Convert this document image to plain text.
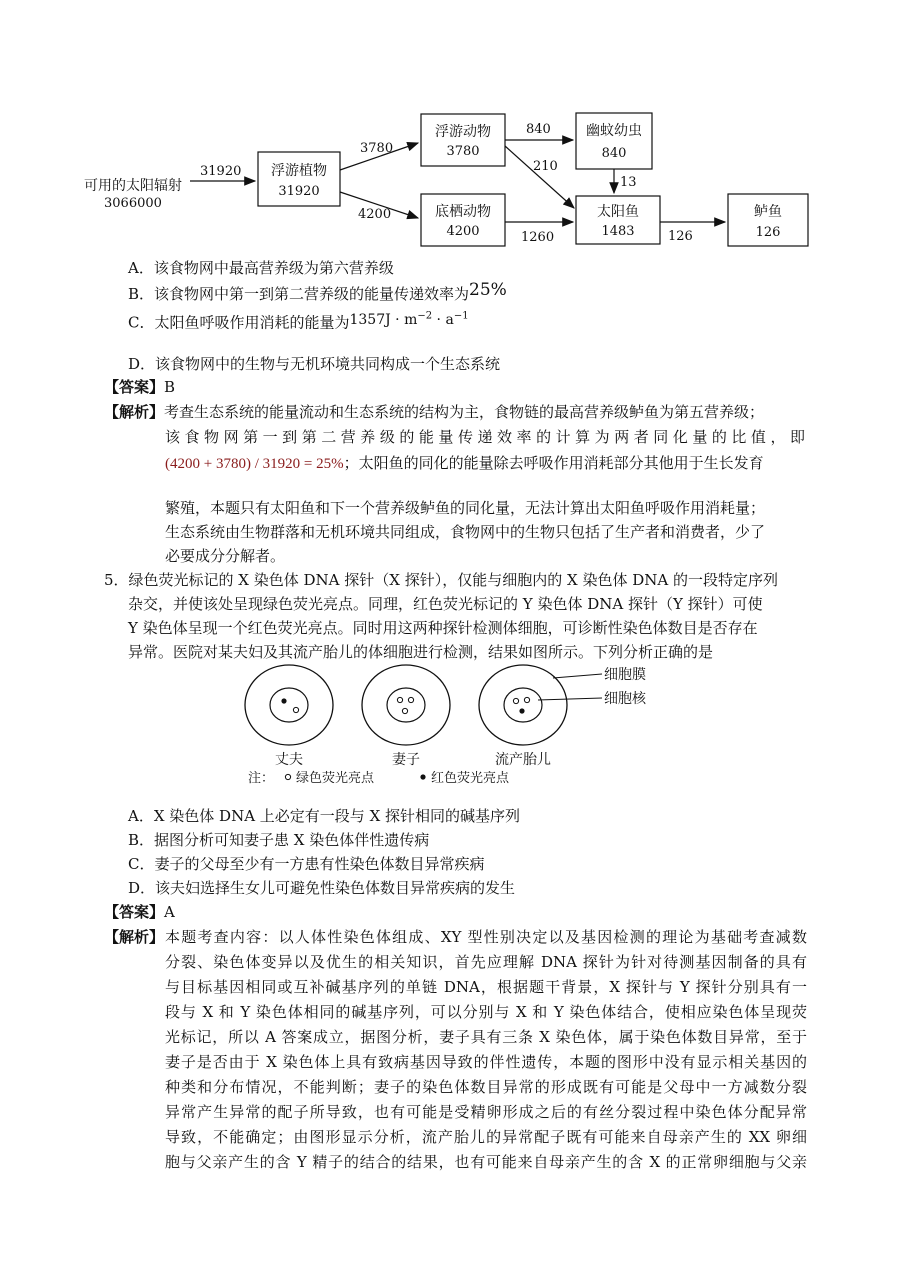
可用的太阳辐射
3066000
31920 浮游植物
31920
3780
4200
浮游动物
3780
底栖动物
4200
840
210
1260
幽蚊幼虫
840
13
太阳鱼
1483	126
鲈鱼
126
A．该食物网中最高营养级为第六营养级
B．该食物网中第一到第二营养级的能量传递效率为25%
C．太阳鱼呼吸作用消耗的能量为$1357J \cdot m^{-2} \cdot a^{-1}$
D．该食物网中的生物与无机环境共同构成一个生态系统
【答案】B
【解析】考查生态系统的能量流动和生态系统的结构为主，食物链的最高营养级鲈鱼为第五营养级；
该食物网第一到第二营养级的能量传递效率的计算为两者同化量的比值，即
(4200 + 3780) / 31920 = 25%；太阳鱼的同化的能量除去呼吸作用消耗部分其他用于生长发育
繁殖，本题只有太阳鱼和下一个营养级鲈鱼的同化量，无法计算出太阳鱼呼吸作用消耗量；
生态系统由生物群落和无机环境共同组成，食物网中的生物只包括了生产者和消费者，少了
必要成分分解者。
5．绿色荧光标记的 X 染色体 DNA 探针（X 探针），仅能与细胞内的 X 染色体 DNA 的一段特定序列
杂交，并使该处呈现绿色荧光亮点。同理，红色荧光标记的 Y 染色体 DNA 探针（Y 探针）可使
Y 染色体呈现一个红色荧光亮点。同时用这两种探针检测体细胞，可诊断性染色体数目是否存在
异常。医院对某夫妇及其流产胎儿的体细胞进行检测，结果如图所示。下列分析正确的是
丈夫	妻子	流产胎儿
细胞膜
细胞核
注： 绿色荧光亮点	红色荧光亮点
A．X 染色体 DNA 上必定有一段与 X 探针相同的碱基序列
B．据图分析可知妻子患 X 染色体伴性遗传病
C．妻子的父母至少有一方患有性染色体数目异常疾病
D．该夫妇选择生女儿可避免性染色体数目异常疾病的发生
【答案】A
【解析】 本题考查内容：以人体性染色体组成、XY 型性别决定以及基因检测的理论为基础考查减数
分裂、染色体变异以及优生的相关知识，首先应理解 DNA 探针为针对待测基因制备的具有
与目标基因相同或互补碱基序列的单链 DNA，根据题干背景，X 探针与 Y 探针分别具有一
段与 X 和 Y 染色体相同的碱基序列，可以分别与 X 和 Y 染色体结合，使相应染色体呈现荧
光标记，所以 A 答案成立，据图分析，妻子具有三条 X 染色体，属于染色体数目异常，至于
妻子是否由于 X 染色体上具有致病基因导致的伴性遗传，本题的图形中没有显示相关基因的
种类和分布情况，不能判断；妻子的染色体数目异常的形成既有可能是父母中一方减数分裂
异常产生异常的配子所导致，也有可能是受精卵形成之后的有丝分裂过程中染色体分配异常
导致，不能确定；由图形显示分析，流产胎儿的异常配子既有可能来自母亲产生的 XX 卵细
胞与父亲产生的含 Y 精子的结合的结果，也有可能来自母亲产生的含 X 的正常卵细胞与父亲
